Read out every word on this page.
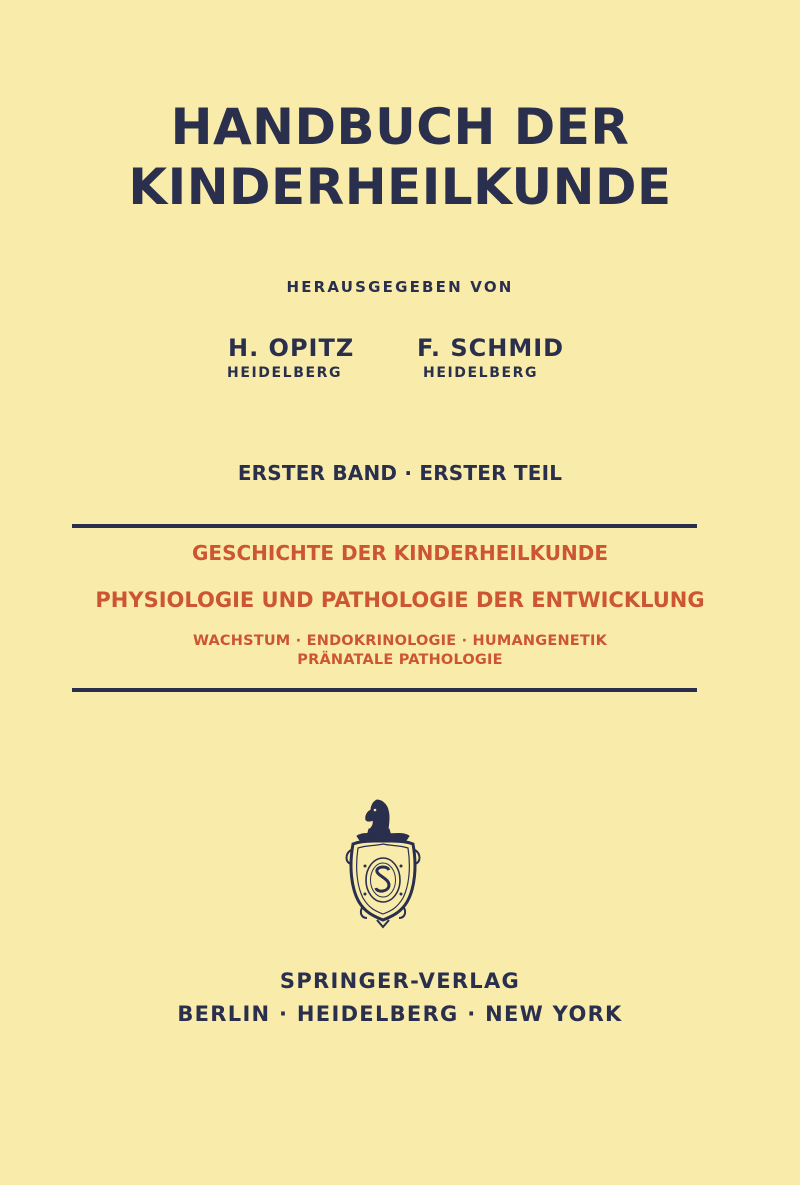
HANDBUCH DER
KINDERHEILKUNDE
HERAUSGEGEBEN VON
H. OPITZ
HEIDELBERG
F. SCHMID
HEIDELBERG
ERSTER BAND · ERSTER TEIL
GESCHICHTE DER KINDERHEILKUNDE
PHYSIOLOGIE UND PATHOLOGIE DER ENTWICKLUNG
WACHSTUM · ENDOKRINOLOGIE · HUMANGENETIK
PRÄNATALE PATHOLOGIE
SPRINGER-VERLAG
BERLIN · HEIDELBERG · NEW YORK
